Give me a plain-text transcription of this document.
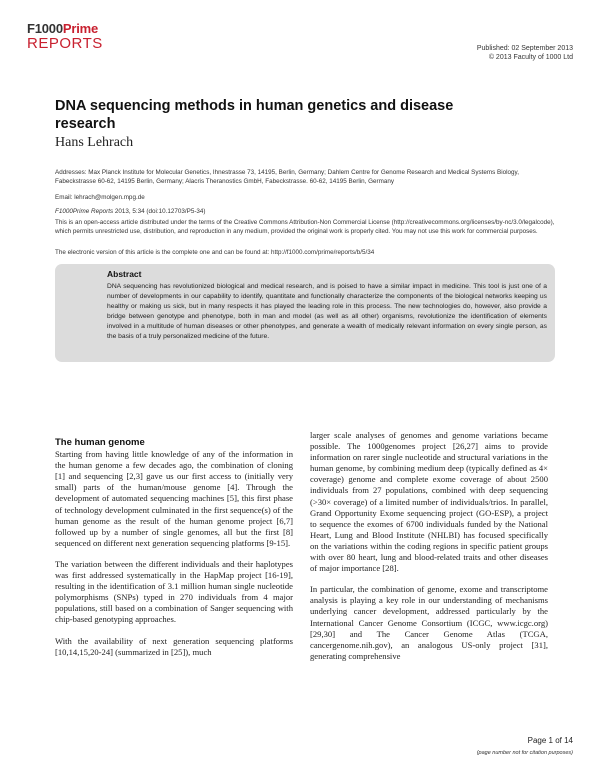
F1000Prime
REPORTS	Published: 02 September 2013
© 2013 Faculty of 1000 Ltd
DNA sequencing methods in human genetics and disease research
Hans Lehrach
Addresses: Max Planck Institute for Molecular Genetics, Ihnestrasse 73, 14195, Berlin, Germany; Dahlem Centre for Genome Research and Medical Systems Biology, Fabeckstrasse 60-62, 14195 Berlin, Germany; Alacris Theranostics GmbH, Fabeckstrasse. 60-62, 14195 Berlin, Germany
Email: lehrach@molgen.mpg.de
F1000Prime Reports 2013, 5:34 (doi:10.12703/P5-34)
This is an open-access article distributed under the terms of the Creative Commons Attribution-Non Commercial License (http://creativecommons.org/licenses/by-nc/3.0/legalcode), which permits unrestricted use, distribution, and reproduction in any medium, provided the original work is properly cited. You may not use this work for commercial purposes.
The electronic version of this article is the complete one and can be found at: http://f1000.com/prime/reports/b/5/34
Abstract
DNA sequencing has revolutionized biological and medical research, and is poised to have a similar impact in medicine. This tool is just one of a number of developments in our capability to identify, quantitate and functionally characterize the components of the biological networks keeping us healthy or making us sick, but in many respects it has played the leading role in this process. The new technologies do, however, also provide a bridge between genotype and phenotype, both in man and model (as well as all other) organisms, revolutionize the identification of elements involved in a multitude of human diseases or other phenotypes, and generate a wealth of medically relevant information on every single person, as the basis of a truly personalized medicine of the future.
The human genome

Starting from having little knowledge of any of the information in the human genome a few decades ago, the combination of cloning [1] and sequencing [2,3] gave us our first access to (initially very small) parts of the human/mouse genome [4]. Through the development of automated sequencing machines [5], this first phase of technology development culminated in the first sequence(s) of the human genome as the result of the human genome project [6,7] followed up by a number of single genomes, all but the first [8] sequenced on different next generation sequencing platforms [9-15].

The variation between the different individuals and their haplotypes was first addressed systematically in the HapMap project [16-19], resulting in the identification of 3.1 million human single nucleotide polymorphisms (SNPs) typed in 270 individuals from 4 major populations, still based on a combination of Sanger sequencing with chip-based genotyping approaches.

With the availability of next generation sequencing platforms [10,14,15,20-24] (summarized in [25]), much

larger scale analyses of genomes and genome variations became possible. The 1000genomes project [26,27] aims to provide information on rarer single nucleotide and structural variations in the human genome, by combining medium deep (typically defined as 4× coverage) genome and complete exome coverage of about 2500 individuals from 27 populations, combined with deep sequencing (>30× coverage) of a limited number of individuals/trios. In parallel, Grand Opportunity Exome sequencing project (GO-ESP), a project to sequence the exomes of 6700 individuals funded by the National Heart, Lung and Blood Institute (NHLBI) has focused specifically on the variations within the coding regions in specific patient groups with over 80 heart, lung and blood-related traits and other diseases of major importance [28].

In particular, the combination of genome, exome and transcriptome analysis is playing a key role in our understanding of mechanisms underlying cancer development, addressed particularly by the International Cancer Genome Consortium (ICGC, www.icgc.org) [29,30] and The Cancer Genome Atlas (TCGA, cancergenome.nih.gov), an analogous US-only project [31], generating comprehensive

Page 1 of 14
(page number not for citation purposes)
